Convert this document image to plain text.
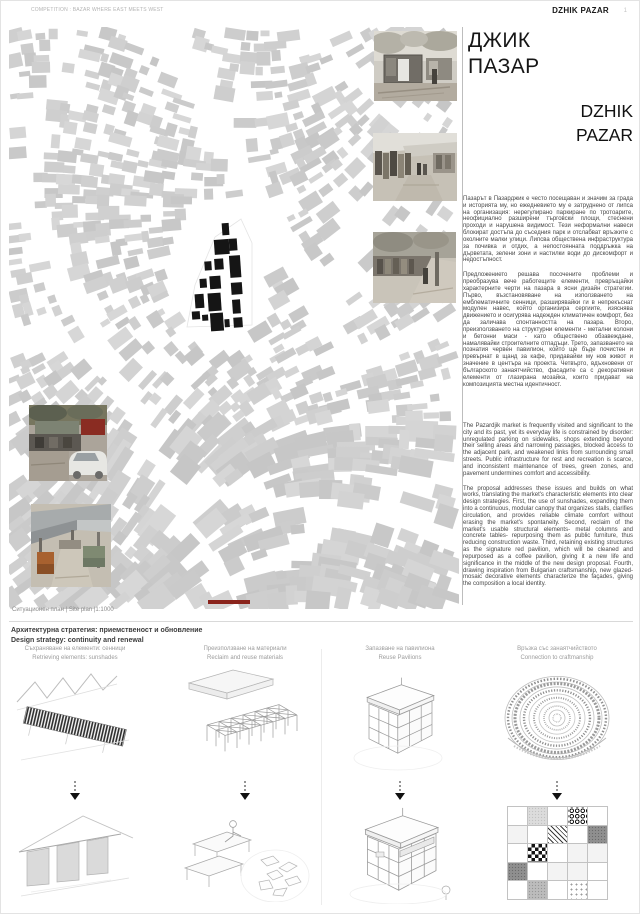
COMPETITION : BAZAR WHERE EAST MEETS WEST	DZHIK PAZAR 1
ДЖИК
ПАЗАР
DZHIK
PAZAR

Пазарът в Пазарджик е често посещаван и значим за града и историята му, но ежедневието му е затруднено от липса на организация: нерегулирано паркиране по тротоарите, неофициално разширени търговски площи, стеснени проходи и нарушена видимост. Тези неформални навеси блокират достъпа до съседния парк и отслабват връзките с околните малки улици. Липсва обществена инфраструктура за почивка и отдих, а непостоянната поддръжка на дърветата, зелени зони и настилки води до дискомфорт и недостъпност.

Предложението решава посочените проблеми и преобразува вече работещите елементи, превръщайки характерните черти на пазара в ясни дизайн стратегии. Първо, възстановяване на използването на емблематичните сенници, разширявайки ги в непрекъснат модулен навес, който организира сергиите, изяснява движението и осигурява надежден климатичен комфорт, без да заличава спонтанността на пазара. Второ, преизползването на структурни елементи - метални колони и бетонни маси - като обществено обзавеждане, намалявайки строителните отпадъци. Трето, запазването на познатия червен павилион, който ще бъде почистен и превърнат в щанд за кафе, придавайки му нов живот и значение в центъра на проекта. Четвърто, вдъхновени от българското занаятчийство, фасадите са с декоративни елементи от глазирана мозайка, които придават на композицията местна идентичност.

The Pazardjik market is frequently visited and significant to the city and its past, yet its everyday life is constrained by disorder: unregulated parking on sidewalks, shops extending beyond their selling areas and narrowing passages, blocked access to the adjacent park, and weakened links from surrounding small streets. Public infrastructure for rest and recreation is scarce, and inconsistent maintenance of trees, green zones, and pavement undermines comfort and accessibility.

The proposal addresses these issues and builds on what works, translating the market's characteristic elements into clear design strategies. First, the use of sunshades, expanding them into a continuous, modular canopy that organizes stalls, clarifies circulation, and provides reliable climate comfort without erasing the market's spontaneity. Second, reclaim of the market's usable structural elements- metal columns and concrete tables- repurposing them as public furniture, thus reducing construction waste. Third, retaining existing structures as the signature red pavilion, which will be cleaned and repurposed as a coffee pavilion, giving it a new life and significance in the middle of the new design proposal. Fourth, drawing inspiration from Bulgarian craftsmanship, new glazed-mosaic decorative elements characterize the façades, giving the composition a local identity.

Ситуационен план | Site plan |1:1000
Архитектурна стратегия: приемственост и обновление
Design strategy: continuity and renewal
Съхраняване на елементи: сенници
Retrieving elements: sunshades
Преизползване на материали
Reclaim and reuse materials
Запазване на павилиона
Reuse Pavilions
Връзка със занаятчийството
Connection to craftmanship
